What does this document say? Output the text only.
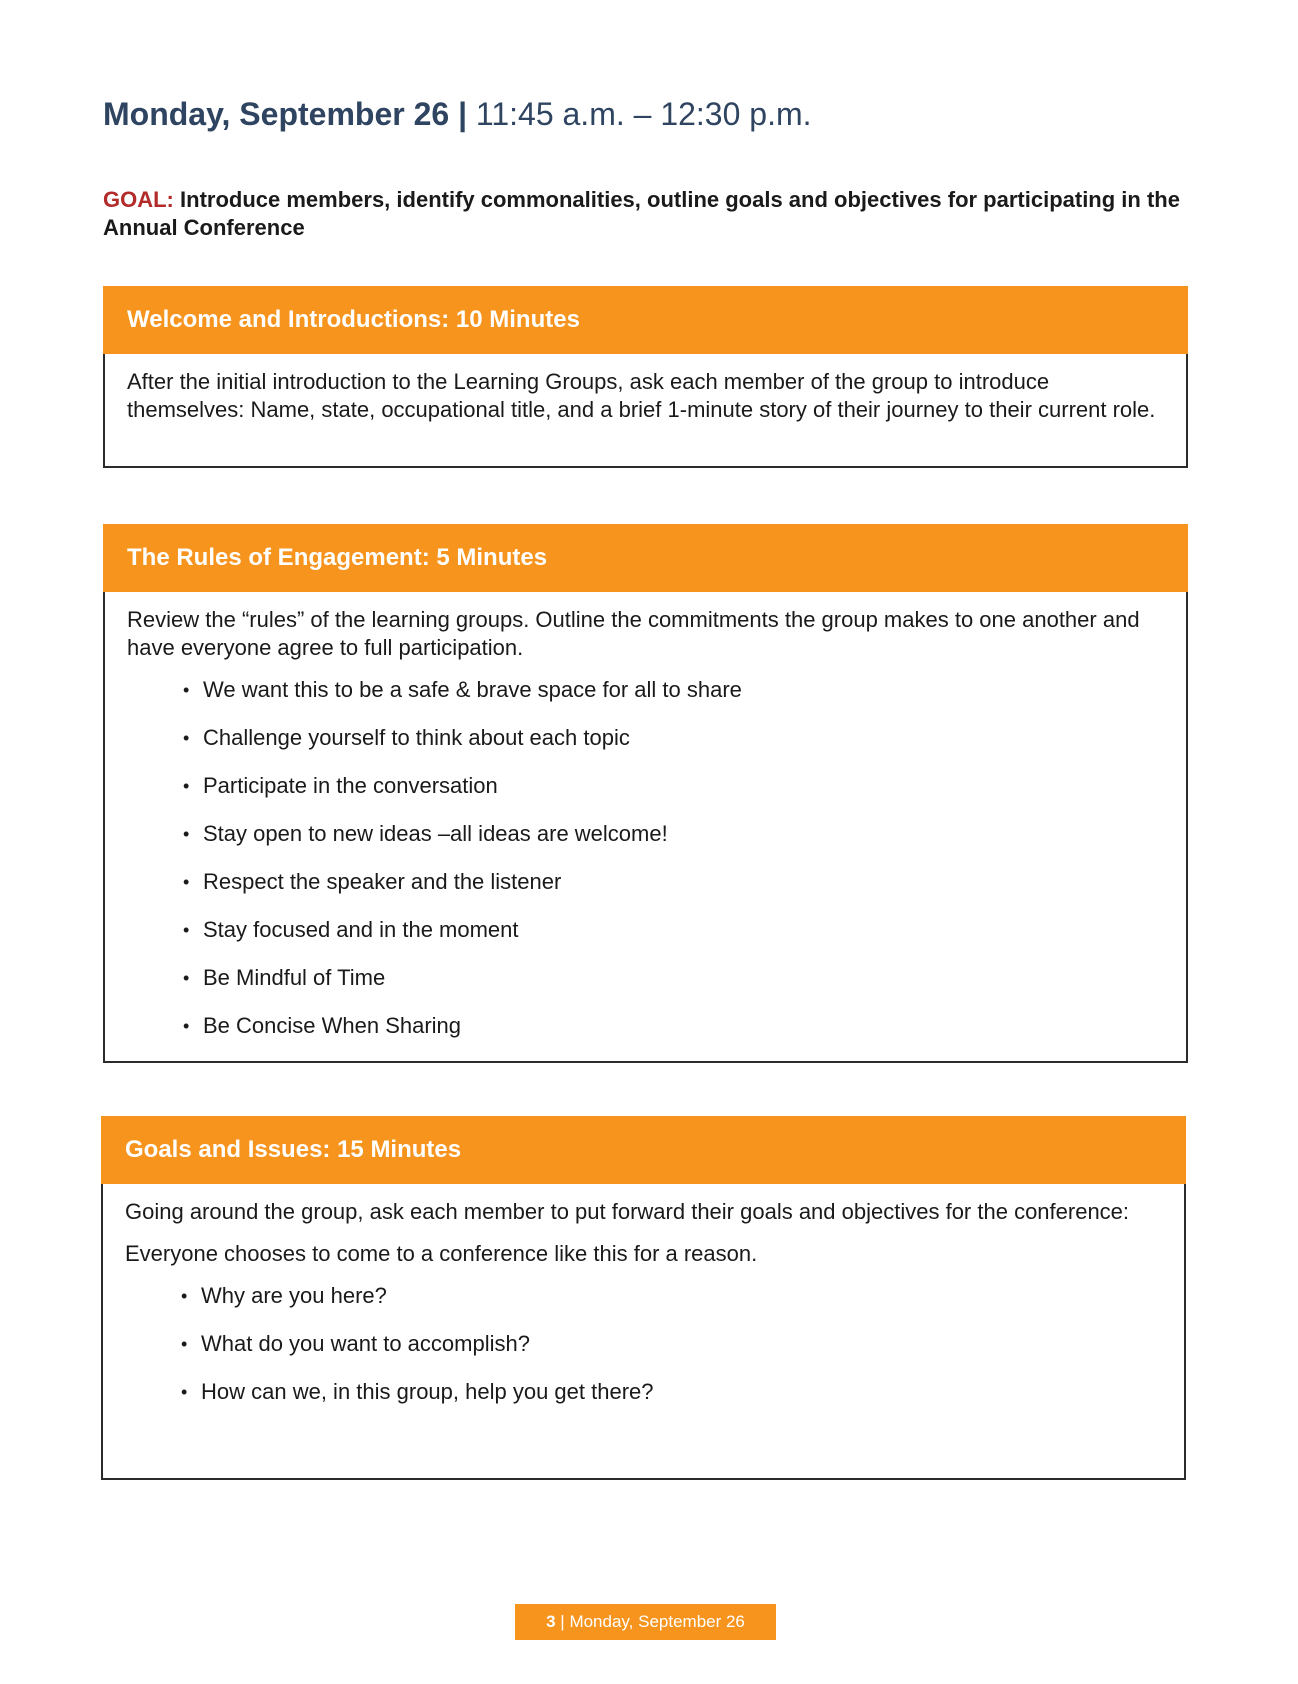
Monday, September 26 | 11:45 a.m. – 12:30 p.m.

GOAL: Introduce members, identify commonalities, outline goals and objectives for participating in the Annual Conference

Welcome and Introductions: 10 Minutes

After the initial introduction to the Learning Groups, ask each member of the group to introduce themselves: Name, state, occupational title, and a brief 1-minute story of their journey to their current role.

The Rules of Engagement: 5 Minutes

Review the “rules” of the learning groups. Outline the commitments the group makes to one another and have everyone agree to full participation.

• We want this to be a safe & brave space for all to share
• Challenge yourself to think about each topic
• Participate in the conversation
• Stay open to new ideas –all ideas are welcome!
• Respect the speaker and the listener
• Stay focused and in the moment
• Be Mindful of Time
• Be Concise When Sharing
Goals and Issues: 15 Minutes

Going around the group, ask each member to put forward their goals and objectives for the conference:

Everyone chooses to come to a conference like this for a reason.

• Why are you here?
• What do you want to accomplish?
• How can we, in this group, help you get there?
3 | Monday, September 26
